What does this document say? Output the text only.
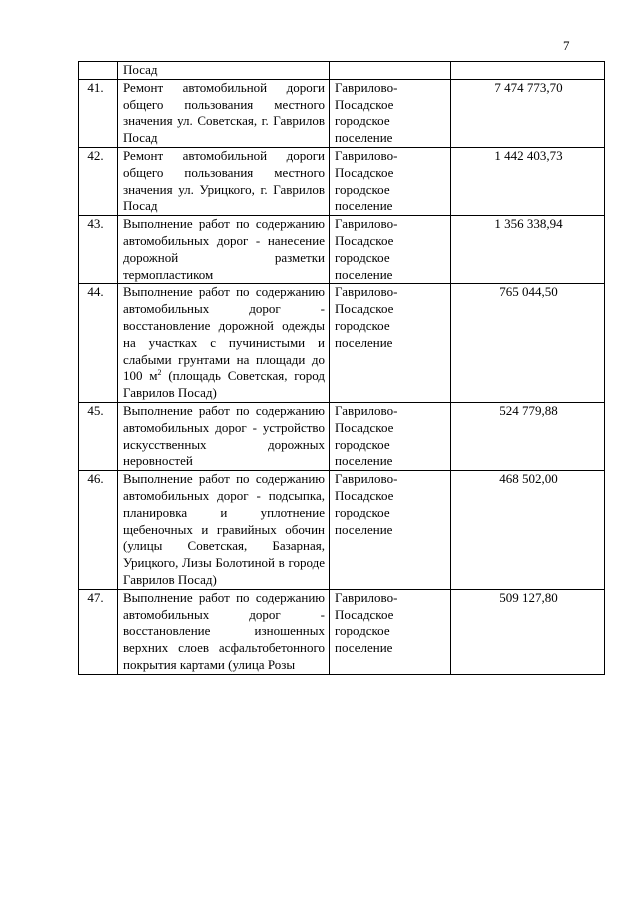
7

	Посад		

41.	Ремонт автомобильной дороги общего пользования местного значения ул. Советская, г. Гаврилов Посад	Гаврилово-Посадское городское поселение	7 474 773,70

42.	Ремонт автомобильной дороги общего пользования местного значения ул. Урицкого, г. Гаврилов Посад	Гаврилово-Посадское городское поселение	1 442 403,73

43.	Выполнение работ по содержанию автомобильных дорог - нанесение дорожной разметки термопластиком	Гаврилово-Посадское городское поселение	1 356 338,94

44.	Выполнение работ по содержанию автомобильных дорог - восстановление дорожной одежды на участках с пучинистыми и слабыми грунтами на площади до 100 $м^2$ (площадь Советская, город Гаврилов Посад)	Гаврилово-Посадское городское поселение	765 044,50

45.	Выполнение работ по содержанию автомобильных дорог - устройство искусственных дорожных неровностей	Гаврилово-Посадское городское поселение	524 779,88

46.	Выполнение работ по содержанию автомобильных дорог - подсыпка, планировка и уплотнение щебеночных и гравийных обочин (улицы Советская, Базарная, Урицкого, Лизы Болотиной в городе Гаврилов Посад)	Гаврилово-Посадское городское поселение	468 502,00

47.	Выполнение работ по содержанию автомобильных дорог - восстановление изношенных верхних слоев асфальтобетонного покрытия картами (улица Розы	Гаврилово-Посадское городское поселение	509 127,80
